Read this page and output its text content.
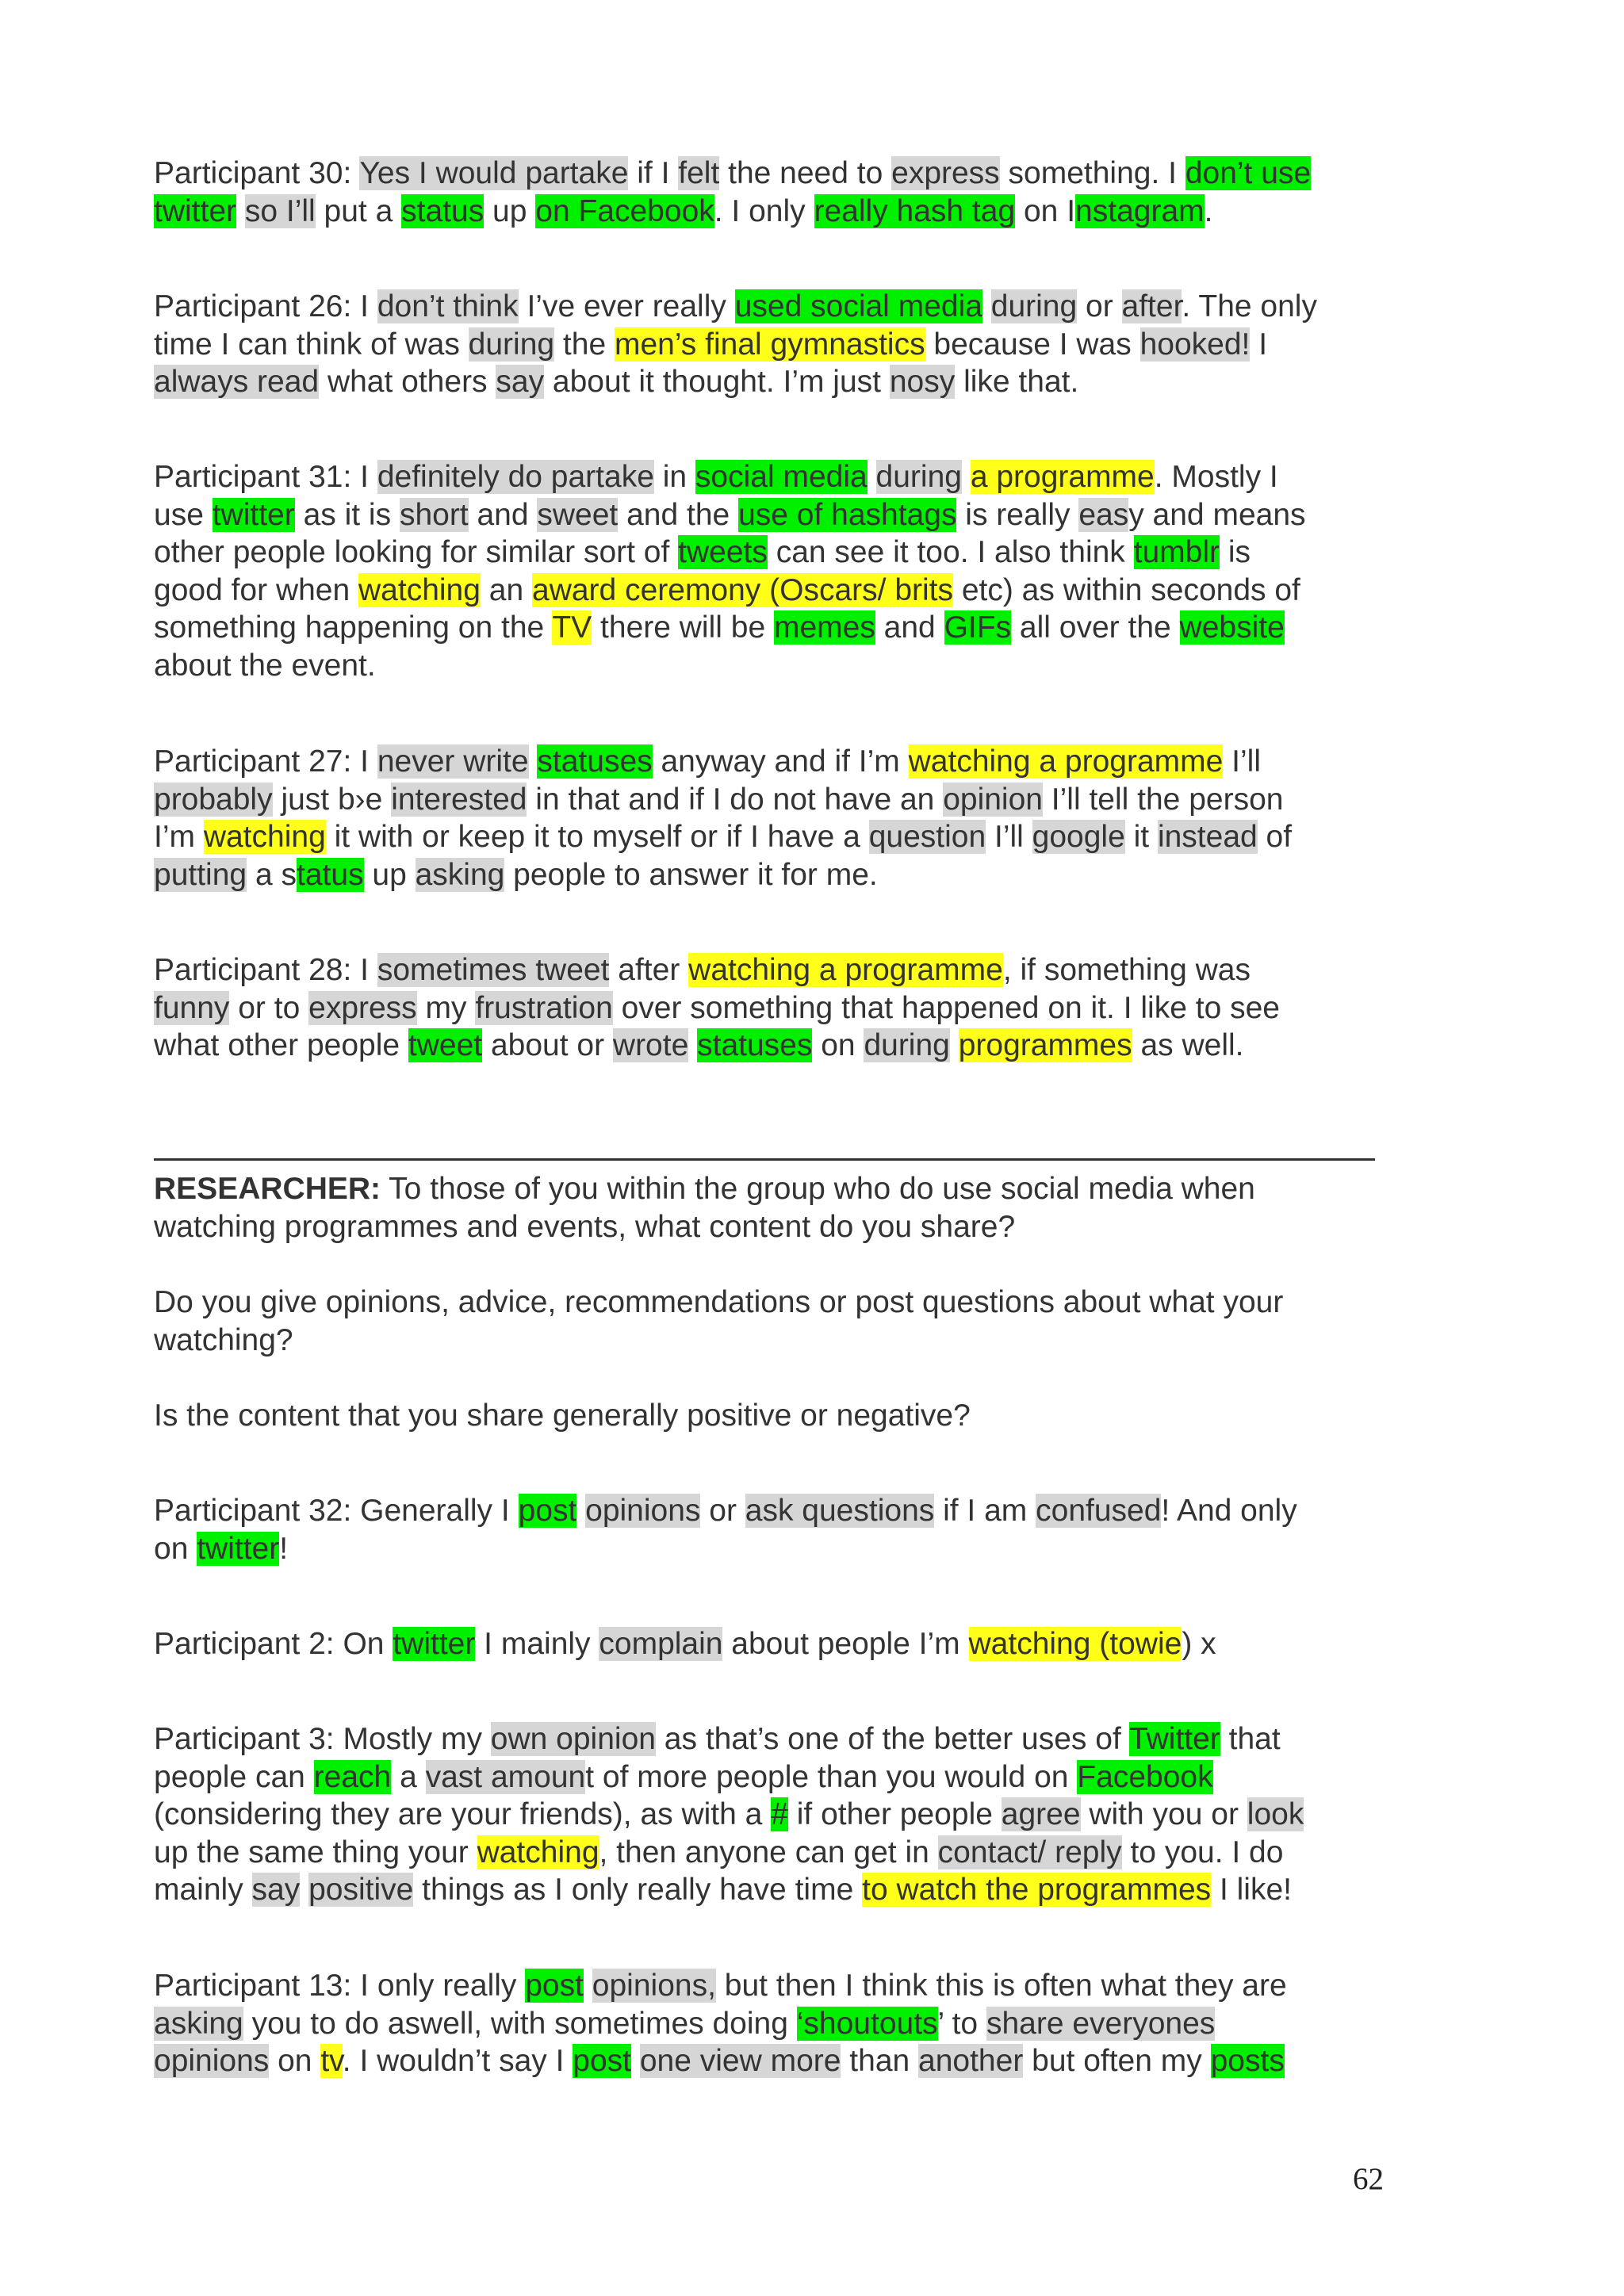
Participant 30: Yes I would partake if I felt the need to express something. I don’t use
twitter so I’ll put a status up on Facebook. I only really hash tag on Instagram.
Participant 26: I don’t think I’ve ever really used social media during or after. The only
time I can think of was during the men’s final gymnastics because I was hooked! I
always read what others say about it thought. I’m just nosy like that.
Participant 31: I definitely do partake in social media during a programme. Mostly I
use twitter as it is short and sweet and the use of hashtags is really easy and means
other people looking for similar sort of tweets can see it too. I also think tumblr is
good for when watching an award ceremony (Oscars/ brits etc) as within seconds of
something happening on the TV there will be memes and GIFs all over the website
about the event.
Participant 27: I never write statuses anyway and if I’m watching a programme I’ll
probably just b›e interested in that and if I do not have an opinion I’ll tell the person
I’m watching it with or keep it to myself or if I have a question I’ll google it instead of
putting a status up asking people to answer it for me.
Participant 28: I sometimes tweet after watching a programme, if something was
funny or to express my frustration over something that happened on it. I like to see
what other people tweet about or wrote statuses on during programmes as well.
RESEARCHER: To those of you within the group who do use social media when
watching programmes and events, what content do you share?
Do you give opinions, advice, recommendations or post questions about what your
watching?
Is the content that you share generally positive or negative?
Participant 32: Generally I post opinions or ask questions if I am confused! And only
on twitter!
Participant 2: On twitter I mainly complain about people I’m watching (towie) x
Participant 3: Mostly my own opinion as that’s one of the better uses of Twitter that
people can reach a vast amount of more people than you would on Facebook
(considering they are your friends), as with a # if other people agree with you or look
up the same thing your watching, then anyone can get in contact/ reply to you. I do
mainly say positive things as I only really have time to watch the programmes I like!
Participant 13: I only really post opinions, but then I think this is often what they are
asking you to do aswell, with sometimes doing ‘shoutouts’ to share everyones
opinions on tv. I wouldn’t say I post one view more than another but often my posts
62
